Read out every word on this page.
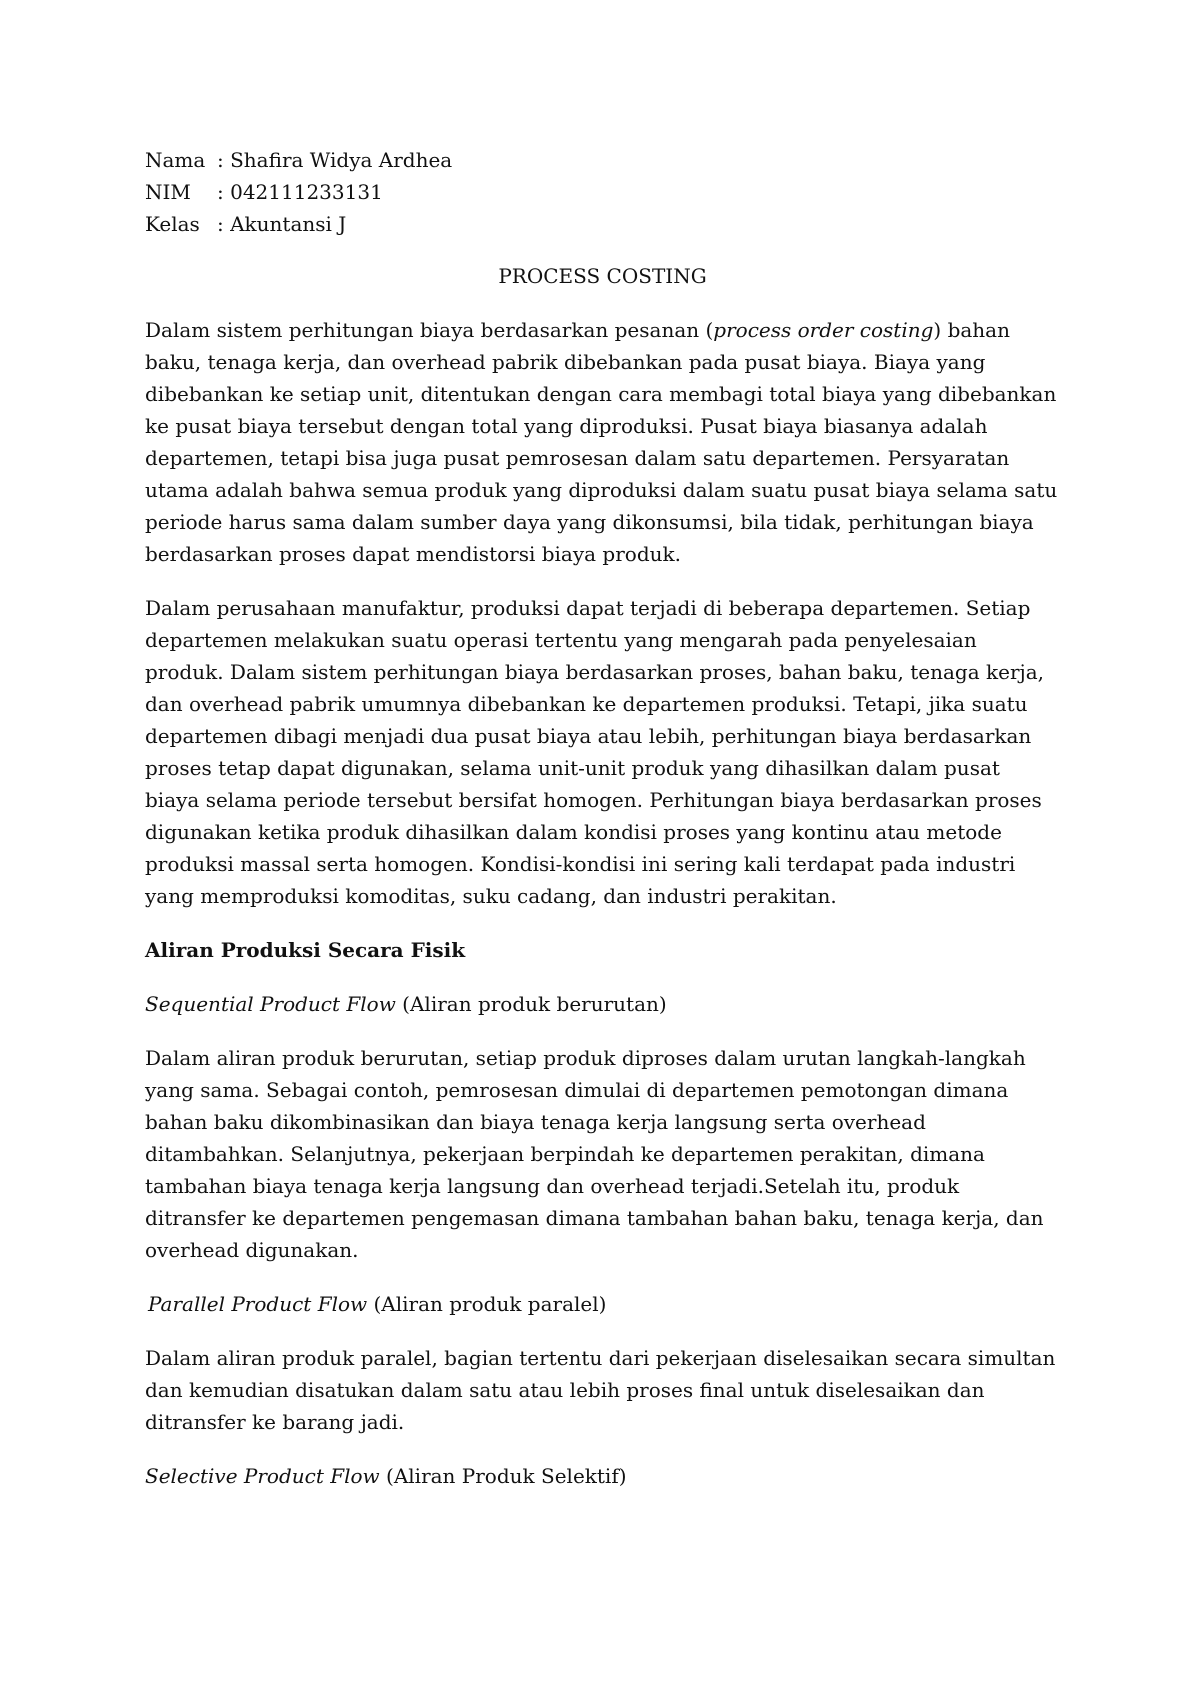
Nama	: Shafira Widya Ardhea
NIM	: 042111233131
Kelas	: Akuntansi J
PROCESS COSTING

Dalam sistem perhitungan biaya berdasarkan pesanan (process order costing) bahan baku, tenaga kerja, dan overhead pabrik dibebankan pada pusat biaya. Biaya yang dibebankan ke setiap unit, ditentukan dengan cara membagi total biaya yang dibebankan ke pusat biaya tersebut dengan total yang diproduksi. Pusat biaya biasanya adalah departemen, tetapi bisa juga pusat pemrosesan dalam satu departemen. Persyaratan utama adalah bahwa semua produk yang diproduksi dalam suatu pusat biaya selama satu periode harus sama dalam sumber daya yang dikonsumsi, bila tidak, perhitungan biaya berdasarkan proses dapat mendistorsi biaya produk.

Dalam perusahaan manufaktur, produksi dapat terjadi di beberapa departemen. Setiap departemen melakukan suatu operasi tertentu yang mengarah pada penyelesaian produk. Dalam sistem perhitungan biaya berdasarkan proses, bahan baku, tenaga kerja, dan overhead pabrik umumnya dibebankan ke departemen produksi. Tetapi, jika suatu departemen dibagi menjadi dua pusat biaya atau lebih, perhitungan biaya berdasarkan proses tetap dapat digunakan, selama unit-unit produk yang dihasilkan dalam pusat biaya selama periode tersebut bersifat homogen. Perhitungan biaya berdasarkan proses digunakan ketika produk dihasilkan dalam kondisi proses yang kontinu atau metode produksi massal serta homogen. Kondisi-kondisi ini sering kali terdapat pada industri yang memproduksi komoditas, suku cadang, dan industri perakitan.

Aliran Produksi Secara Fisik

Sequential Product Flow (Aliran produk berurutan)

Dalam aliran produk berurutan, setiap produk diproses dalam urutan langkah-langkah yang sama. Sebagai contoh, pemrosesan dimulai di departemen pemotongan dimana bahan baku dikombinasikan dan biaya tenaga kerja langsung serta overhead ditambahkan. Selanjutnya, pekerjaan berpindah ke departemen perakitan, dimana tambahan biaya tenaga kerja langsung dan overhead terjadi.Setelah itu, produk ditransfer ke departemen pengemasan dimana tambahan bahan baku, tenaga kerja, dan overhead digunakan.

Parallel Product Flow (Aliran produk paralel)

Dalam aliran produk paralel, bagian tertentu dari pekerjaan diselesaikan secara simultan dan kemudian disatukan dalam satu atau lebih proses final untuk diselesaikan dan ditransfer ke barang jadi.

Selective Product Flow (Aliran Produk Selektif)
